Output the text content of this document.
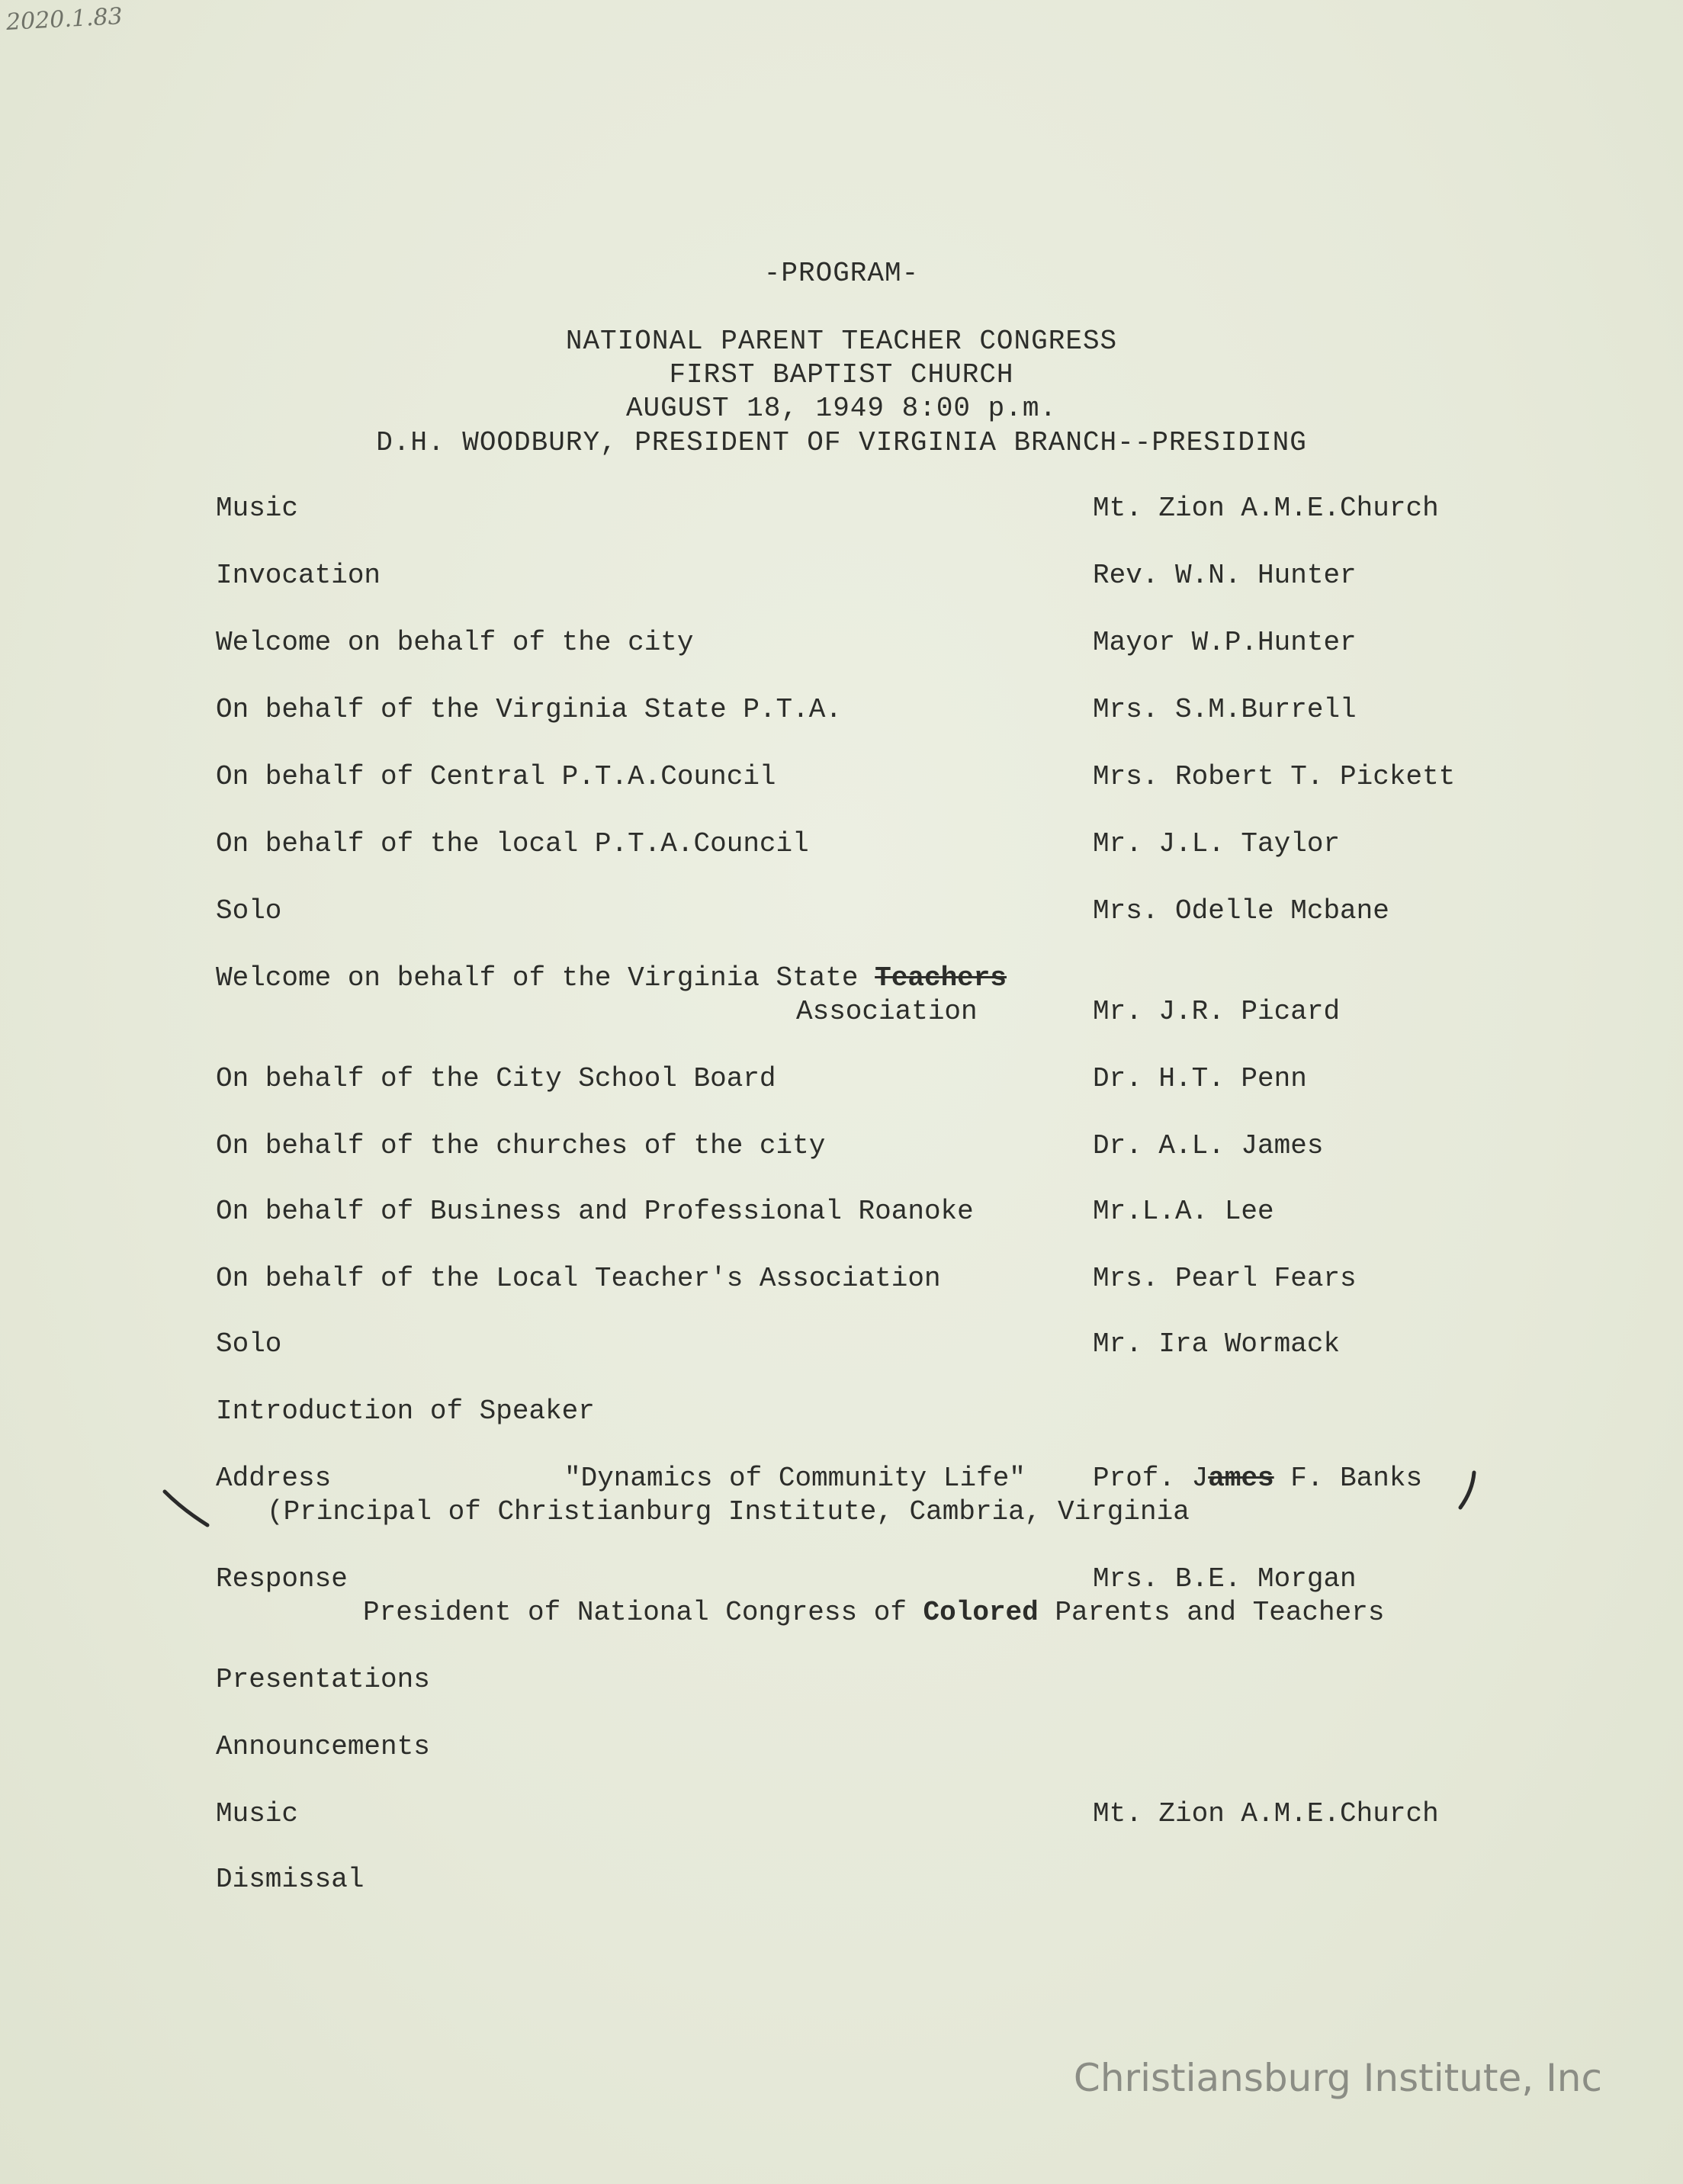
2020.1.83
-PROGRAM-
NATIONAL PARENT TEACHER CONGRESS
FIRST BAPTIST CHURCH
AUGUST 18, 1949 8:00 p.m.
D.H. WOODBURY, PRESIDENT OF VIRGINIA BRANCH--PRESIDING
Music	Mt. Zion A.M.E.Church
Invocation	Rev. W.N. Hunter
Welcome on behalf of the city	Mayor W.P.Hunter
On behalf of the Virginia State P.T.A.	Mrs. S.M.Burrell
On behalf of Central P.T.A.Council	Mrs. Robert T. Pickett
On behalf of the local P.T.A.Council	Mr. J.L. Taylor
Solo	Mrs. Odelle Mcbane
Welcome on behalf of the Virginia State Teachers
Association	Mr. J.R. Picard
On behalf of the City School Board	Dr. H.T. Penn
On behalf of the churches of the city	Dr. A.L. James
On behalf of Business and Professional Roanoke	Mr.L.A. Lee
On behalf of the Local Teacher's Association	Mrs. Pearl Fears
Solo	Mr. Ira Wormack
Introduction of Speaker
Address	"Dynamics of Community Life" Prof. James F. Banks
(Principal of Christianburg Institute, Cambria, Virginia
Response	Mrs. B.E. Morgan
President of National Congress of Colored Parents and Teachers
Presentations
Announcements
Music	Mt. Zion A.M.E.Church
Dismissal
Christiansburg Institute, Inc
